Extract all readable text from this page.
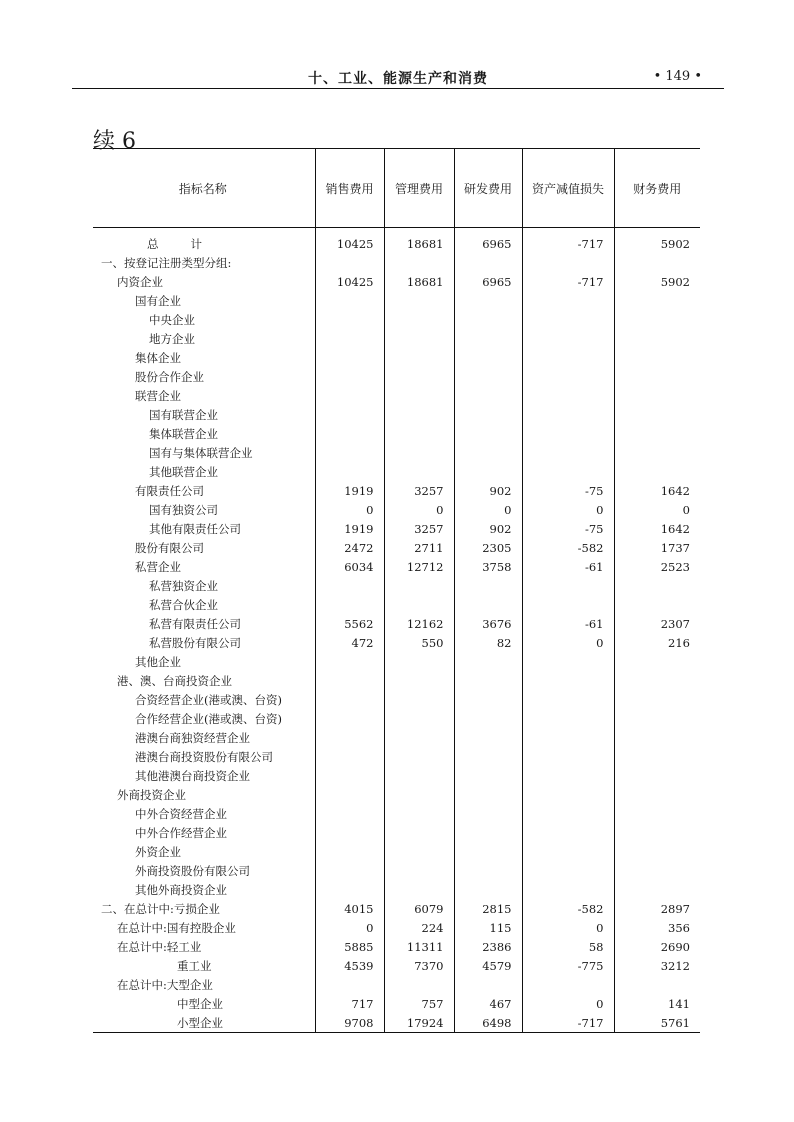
十、工业、能源生产和消费	• 149 •
续 6
指标名称	销售费用	管理费用	研发费用	资产减值损失	财务费用
总 计	10425	18681	6965	-717	5902
一、按登记注册类型分组:					
内资企业	10425	18681	6965	-717	5902
国有企业					
中央企业					
地方企业					
集体企业					
股份合作企业					
联营企业					
国有联营企业					
集体联营企业					
国有与集体联营企业					
其他联营企业					
有限责任公司	1919	3257	902	-75	1642
国有独资公司	0	0	0	0	0
其他有限责任公司	1919	3257	902	-75	1642
股份有限公司	2472	2711	2305	-582	1737
私营企业	6034	12712	3758	-61	2523
私营独资企业					
私营合伙企业					
私营有限责任公司	5562	12162	3676	-61	2307
私营股份有限公司	472	550	82	0	216
其他企业					
港、澳、台商投资企业					
合资经营企业(港或澳、台资)					
合作经营企业(港或澳、台资)					
港澳台商独资经营企业					
港澳台商投资股份有限公司					
其他港澳台商投资企业					
外商投资企业					
中外合资经营企业					
中外合作经营企业					
外资企业					
外商投资股份有限公司					
其他外商投资企业					
二、在总计中:亏损企业	4015	6079	2815	-582	2897
在总计中:国有控股企业	0	224	115	0	356
在总计中:轻工业	5885	11311	2386	58	2690
重工业	4539	7370	4579	-775	3212
在总计中:大型企业					
中型企业	717	757	467	0	141
小型企业	9708	17924	6498	-717	5761
